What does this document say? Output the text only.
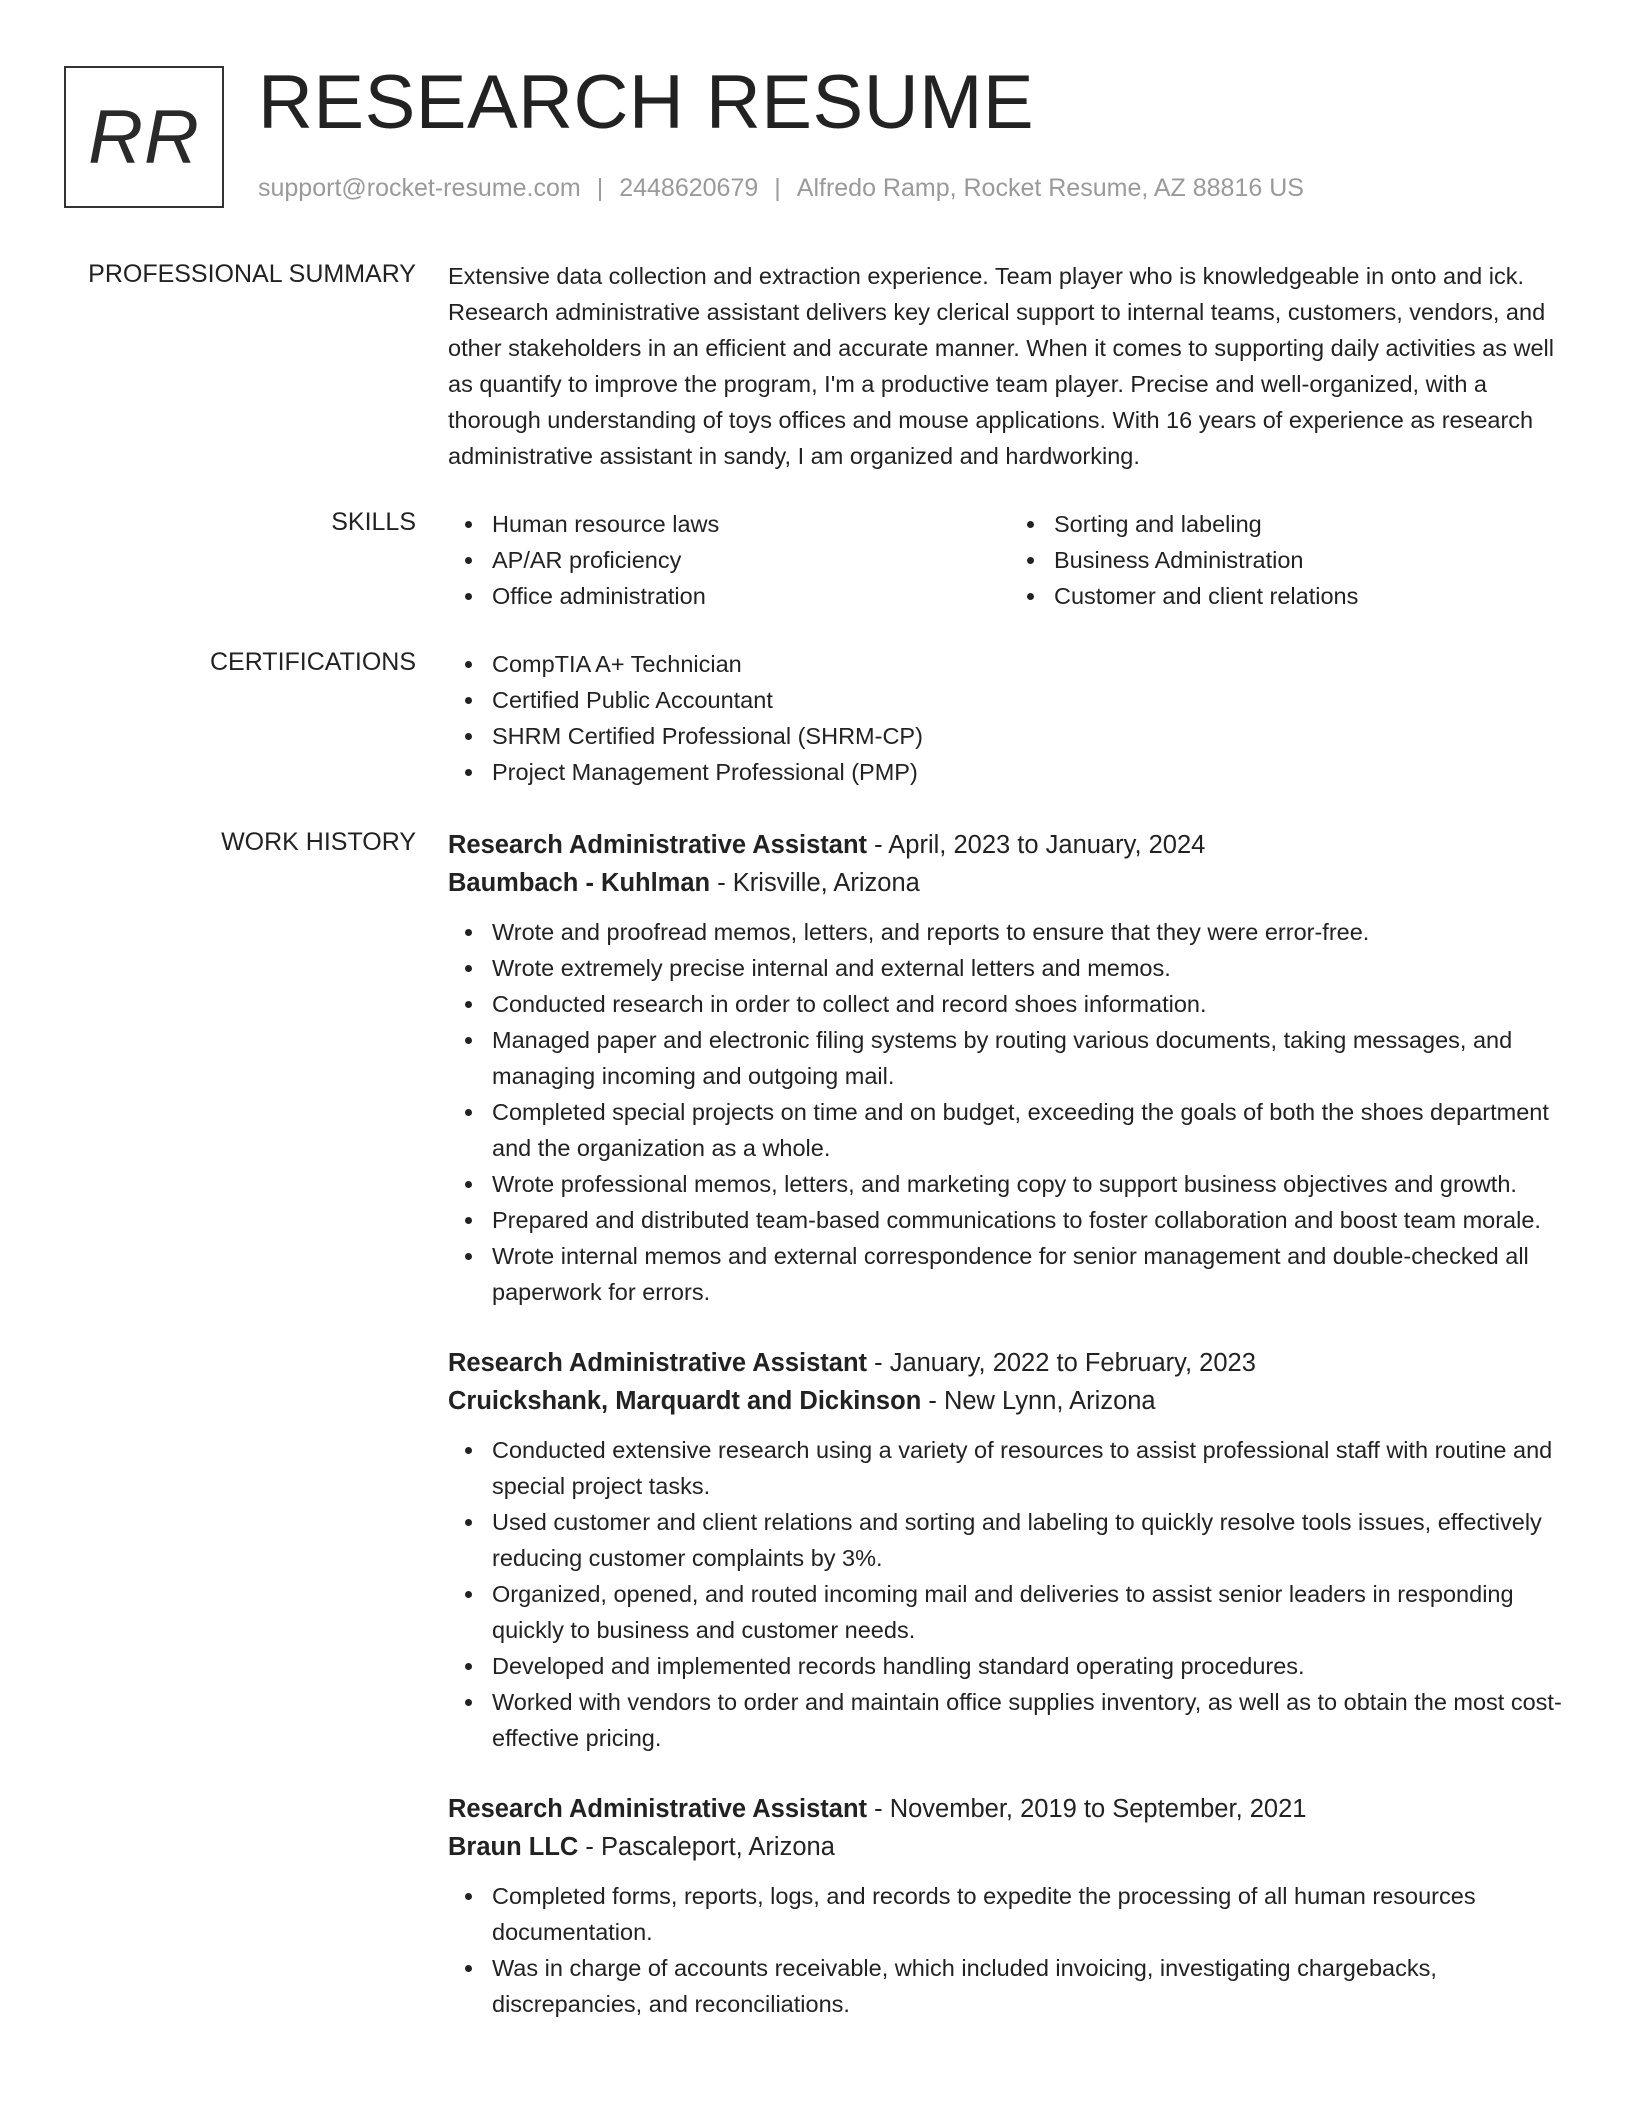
RR RESEARCH RESUME
support@rocket-resume.com | 2448620679 | Alfredo Ramp, Rocket Resume, AZ 88816 US
PROFESSIONAL SUMMARY Extensive data collection and extraction experience. Team player who is knowledgeable in onto and ick. Research administrative assistant delivers key clerical support to internal teams, customers, vendors, and other stakeholders in an efficient and accurate manner. When it comes to supporting daily activities as well as quantify to improve the program, I'm a productive team player. Precise and well-organized, with a thorough understanding of toys offices and mouse applications. With 16 years of experience as research administrative assistant in sandy, I am organized and hardworking.
SKILLS	Human resource laws
AP/AR proficiency
Office administration
Sorting and labeling
Business Administration
Customer and client relations
CERTIFICATIONS	CompTIA A+ Technician
Certified Public Accountant
SHRM Certified Professional (SHRM-CP)
Project Management Professional (PMP)
WORK HISTORY Research Administrative Assistant - April, 2023 to January, 2024
Baumbach - Kuhlman - Krisville, Arizona
Wrote and proofread memos, letters, and reports to ensure that they were error-free.
Wrote extremely precise internal and external letters and memos.
Conducted research in order to collect and record shoes information.
Managed paper and electronic filing systems by routing various documents, taking messages, and managing incoming and outgoing mail.
Completed special projects on time and on budget, exceeding the goals of both the shoes department and the organization as a whole.
Wrote professional memos, letters, and marketing copy to support business objectives and growth.
Prepared and distributed team-based communications to foster collaboration and boost team morale.
Wrote internal memos and external correspondence for senior management and double-checked all paperwork for errors.
Research Administrative Assistant - January, 2022 to February, 2023
Cruickshank, Marquardt and Dickinson - New Lynn, Arizona
Conducted extensive research using a variety of resources to assist professional staff with routine and special project tasks.
Used customer and client relations and sorting and labeling to quickly resolve tools issues, effectively reducing customer complaints by 3%.
Organized, opened, and routed incoming mail and deliveries to assist senior leaders in responding quickly to business and customer needs.
Developed and implemented records handling standard operating procedures.
Worked with vendors to order and maintain office supplies inventory, as well as to obtain the most cost-effective pricing.
Research Administrative Assistant - November, 2019 to September, 2021
Braun LLC - Pascaleport, Arizona
Completed forms, reports, logs, and records to expedite the processing of all human resources documentation.
Was in charge of accounts receivable, which included invoicing, investigating chargebacks, discrepancies, and reconciliations.
